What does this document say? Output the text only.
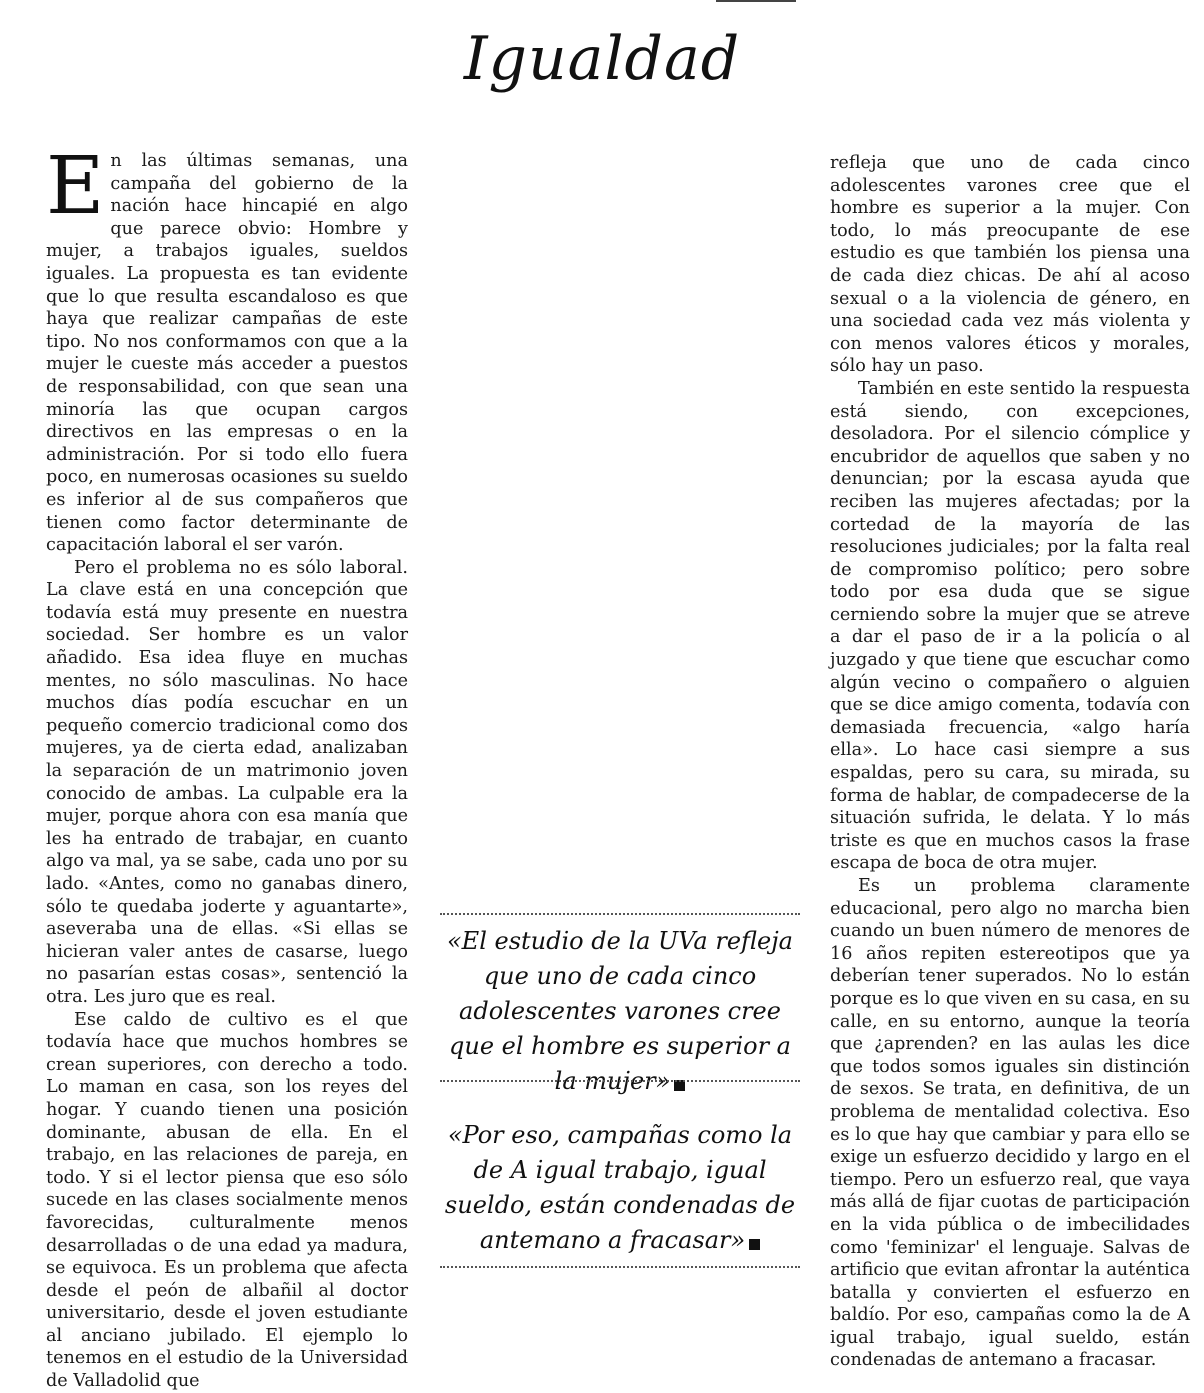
Igualdad

En las últimas semanas, una campaña del gobierno de la nación hace hincapié en algo que parece obvio: Hombre y mujer, a trabajos iguales, sueldos iguales. La propuesta es tan evidente que lo que resulta escandaloso es que haya que realizar campañas de este tipo. No nos conformamos con que a la mujer le cueste más acceder a puestos de responsabilidad, con que sean una minoría las que ocupan cargos directivos en las empresas o en la administración. Por si todo ello fuera poco, en numerosas ocasiones su sueldo es inferior al de sus compañeros que tienen como factor determinante de capacitación laboral el ser varón.

Pero el problema no es sólo laboral. La clave está en una concepción que todavía está muy presente en nuestra sociedad. Ser hombre es un valor añadido. Esa idea fluye en muchas mentes, no sólo masculinas. No hace muchos días podía escuchar en un pequeño comercio tradicional como dos mujeres, ya de cierta edad, analizaban la separación de un matrimonio joven conocido de ambas. La culpable era la mujer, porque ahora con esa manía que les ha entrado de trabajar, en cuanto algo va mal, ya se sabe, cada uno por su lado. «Antes, como no ganabas dinero, sólo te quedaba joderte y aguantarte», aseveraba una de ellas. «Si ellas se hicieran valer antes de casarse, luego no pasarían estas cosas», sentenció la otra. Les juro que es real.

Ese caldo de cultivo es el que todavía hace que muchos hombres se crean superiores, con derecho a todo. Lo maman en casa, son los reyes del hogar. Y cuando tienen una posición dominante, abusan de ella. En el trabajo, en las relaciones de pareja, en todo. Y si el lector piensa que eso sólo sucede en las clases socialmente menos favorecidas, culturalmente menos desarrolladas o de una edad ya madura, se equivoca. Es un problema que afecta desde el peón de albañil al doctor universitario, desde el joven estudiante al anciano jubilado. El ejemplo lo tenemos en el estudio de la Universidad de Valladolid que

«El estudio de la UVa refleja que uno de cada cinco adolescentes varones cree que el hombre es superior a la mujer»
«Por eso, campañas como la de A igual trabajo, igual sueldo, están condenadas de antemano a fracasar»

refleja que uno de cada cinco adolescentes varones cree que el hombre es superior a la mujer. Con todo, lo más preocupante de ese estudio es que también los piensa una de cada diez chicas. De ahí al acoso sexual o a la violencia de género, en una sociedad cada vez más violenta y con menos valores éticos y morales, sólo hay un paso.

También en este sentido la respuesta está siendo, con excepciones, desoladora. Por el silencio cómplice y encubridor de aquellos que saben y no denuncian; por la escasa ayuda que reciben las mujeres afectadas; por la cortedad de la mayoría de las resoluciones judiciales; por la falta real de compromiso político; pero sobre todo por esa duda que se sigue cerniendo sobre la mujer que se atreve a dar el paso de ir a la policía o al juzgado y que tiene que escuchar como algún vecino o compañero o alguien que se dice amigo comenta, todavía con demasiada frecuencia, «algo haría ella». Lo hace casi siempre a sus espaldas, pero su cara, su mirada, su forma de hablar, de compadecerse de la situación sufrida, le delata. Y lo más triste es que en muchos casos la frase escapa de boca de otra mujer.

Es un problema claramente educacional, pero algo no marcha bien cuando un buen número de menores de 16 años repiten estereotipos que ya deberían tener superados. No lo están porque es lo que viven en su casa, en su calle, en su entorno, aunque la teoría que ¿aprenden? en las aulas les dice que todos somos iguales sin distinción de sexos. Se trata, en definitiva, de un problema de mentalidad colectiva. Eso es lo que hay que cambiar y para ello se exige un esfuerzo decidido y largo en el tiempo. Pero un esfuerzo real, que vaya más allá de fijar cuotas de participación en la vida pública o de imbecilidades como 'feminizar' el lenguaje. Salvas de artificio que evitan afrontar la auténtica batalla y convierten el esfuerzo en baldío. Por eso, campañas como la de A igual trabajo, igual sueldo, están condenadas de antemano a fracasar.
